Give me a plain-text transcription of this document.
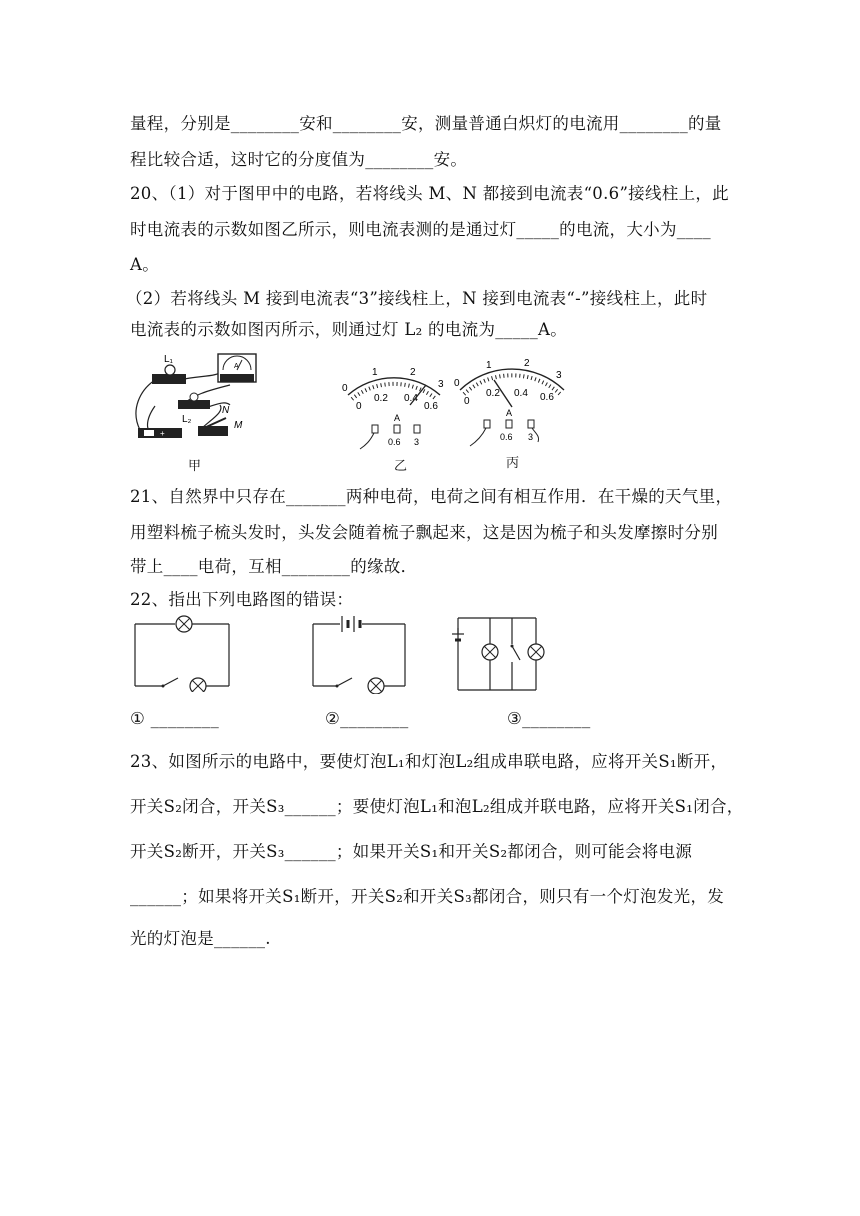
量程，分别是________安和________安，测量普通白炽灯的电流用________的量
程比较合适，这时它的分度值为________安。
20、（1）对于图甲中的电路，若将线头 M、N 都接到电流表“0.6”接线柱上，此
时电流表的示数如图乙所示，则电流表测的是通过灯_____的电流，大小为____
A。
（2）若将线头 M 接到电流表“3”接线柱上，N 接到电流表“-”接线柱上，此时
电流表的示数如图丙所示，则通过灯 L₂ 的电流为_____A。
L₁
A
L₂
N
+
M
甲
0
1	2
3
0
0.2 0.4
0.6
A
0.6 3
乙
0
1	2
3
0
0.2 0.4 0.6
A
0.6 3
丙
21、自然界中只存在_______两种电荷，电荷之间有相互作用．在干燥的天气里，
用塑料梳子梳头发时，头发会随着梳子飘起来，这是因为梳子和头发摩擦时分别
带上____电荷，互相________的缘故．
22、指出下列电路图的错误：
① ________	②________	③________
23、如图所示的电路中，要使灯泡L₁和灯泡L₂组成串联电路，应将开关S₁断开，
开关S₂闭合，开关S₃______；要使灯泡L₁和泡L₂组成并联电路，应将开关S₁闭合，
开关S₂断开，开关S₃______；如果开关S₁和开关S₂都闭合，则可能会将电源
______；如果将开关S₁断开，开关S₂和开关S₃都闭合，则只有一个灯泡发光，发
光的灯泡是______.
